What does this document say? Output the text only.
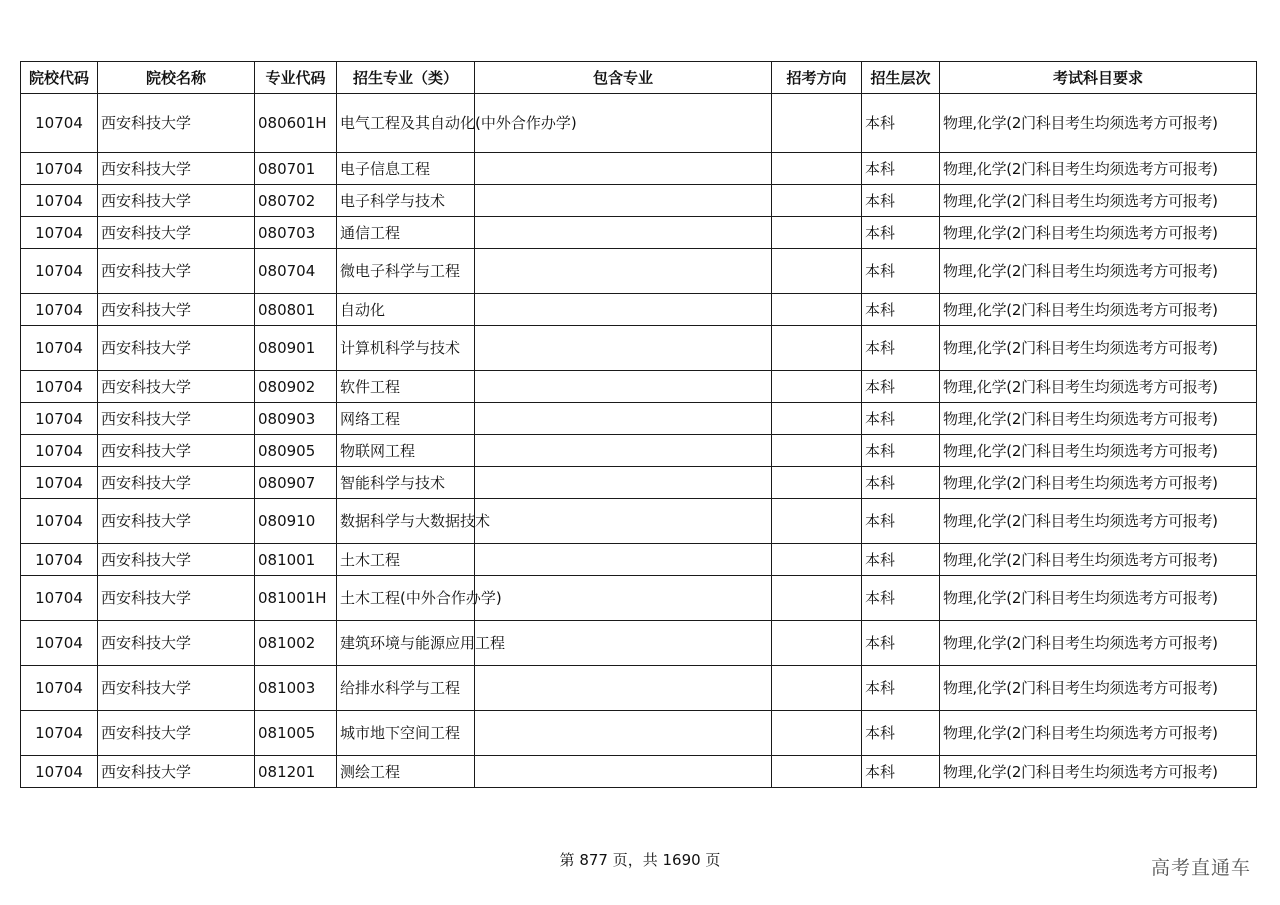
院校代码	院校名称	专业代码	招生专业（类）	包含专业	招考方向	招生层次	考试科目要求
10704	西安科技大学	080601H	电气工程及其自动化(中外合作办学)			本科	物理,化学(2门科目考生均须选考方可报考)
10704	西安科技大学	080701	电子信息工程			本科	物理,化学(2门科目考生均须选考方可报考)
10704	西安科技大学	080702	电子科学与技术			本科	物理,化学(2门科目考生均须选考方可报考)
10704	西安科技大学	080703	通信工程			本科	物理,化学(2门科目考生均须选考方可报考)
10704	西安科技大学	080704	微电子科学与工程			本科	物理,化学(2门科目考生均须选考方可报考)
10704	西安科技大学	080801	自动化			本科	物理,化学(2门科目考生均须选考方可报考)
10704	西安科技大学	080901	计算机科学与技术			本科	物理,化学(2门科目考生均须选考方可报考)
10704	西安科技大学	080902	软件工程			本科	物理,化学(2门科目考生均须选考方可报考)
10704	西安科技大学	080903	网络工程			本科	物理,化学(2门科目考生均须选考方可报考)
10704	西安科技大学	080905	物联网工程			本科	物理,化学(2门科目考生均须选考方可报考)
10704	西安科技大学	080907	智能科学与技术			本科	物理,化学(2门科目考生均须选考方可报考)
10704	西安科技大学	080910	数据科学与大数据技术			本科	物理,化学(2门科目考生均须选考方可报考)
10704	西安科技大学	081001	土木工程			本科	物理,化学(2门科目考生均须选考方可报考)
10704	西安科技大学	081001H	土木工程(中外合作办学)			本科	物理,化学(2门科目考生均须选考方可报考)
10704	西安科技大学	081002	建筑环境与能源应用工程			本科	物理,化学(2门科目考生均须选考方可报考)
10704	西安科技大学	081003	给排水科学与工程			本科	物理,化学(2门科目考生均须选考方可报考)
10704	西安科技大学	081005	城市地下空间工程			本科	物理,化学(2门科目考生均须选考方可报考)
10704	西安科技大学	081201	测绘工程			本科	物理,化学(2门科目考生均须选考方可报考)
第 877 页，共 1690 页	高考直通车
